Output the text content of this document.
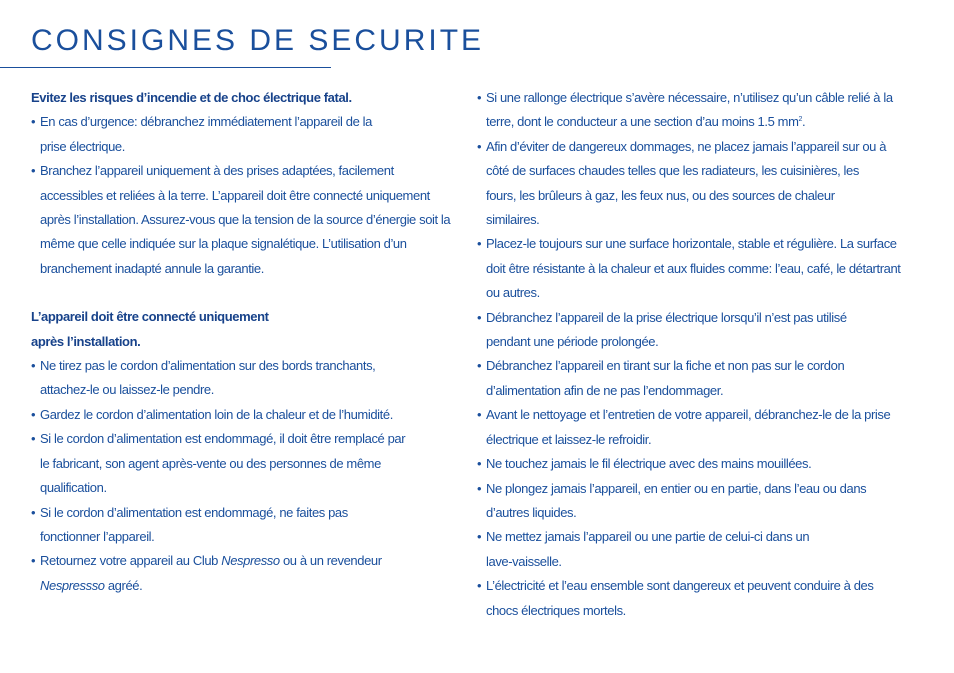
CONSIGNES DE SECURITE

Evitez les risques d’incendie et de choc électrique fatal.

• En cas d’urgence: débranchez immédiatement l’appareil de la prise électrique.
• Branchez l’appareil uniquement à des prises adaptées, facilement accessibles et reliées à la terre. L’appareil doit être connecté uniquement après l’installation. Assurez-vous que la tension de la source d’énergie soit la même que celle indiquée sur la plaque signalétique. L’utilisation d’un branchement inadapté annule la garantie.

L’appareil doit être connecté uniquement
après l’installation.

• Ne tirez pas le cordon d’alimentation sur des bords tranchants, attachez-le ou laissez-le pendre.
• Gardez le cordon d’alimentation loin de la chaleur et de l’humidité.
• Si le cordon d’alimentation est endommagé, il doit être remplacé par le fabricant, son agent après-vente ou des personnes de même qualification.
• Si le cordon d’alimentation est endommagé, ne faites pas fonctionner l’appareil.
• Retournez votre appareil au Club Nespresso ou à un revendeur
Nespressso agréé.
• Si une rallonge électrique s’avère nécessaire, n’utilisez qu’un câble relié à la terre, dont le conducteur a une section d’au moins 1.5 $mm^2$.
• Afin d’éviter de dangereux dommages, ne placez jamais l’appareil sur ou à côté de surfaces chaudes telles que les radiateurs, les cuisinières, les fours, les brûleurs à gaz, les feux nus, ou des sources de chaleur similaires.
• Placez-le toujours sur une surface horizontale, stable et régulière. La surface doit être résistante à la chaleur et aux fluides comme: l’eau, café, le détartrant ou autres.
• Débranchez l’appareil de la prise électrique lorsqu’il n’est pas utilisé pendant une période prolongée.
• Débranchez l’appareil en tirant sur la fiche et non pas sur le cordon d’alimentation afin de ne pas l’endommager.
• Avant le nettoyage et l’entretien de votre appareil, débranchez-le de la prise électrique et laissez-le refroidir.
• Ne touchez jamais le fil électrique avec des mains mouillées.
• Ne plongez jamais l’appareil, en entier ou en partie, dans l’eau ou dans d’autres liquides.
• Ne mettez jamais l’appareil ou une partie de celui-ci dans un lave-vaisselle.
• L’électricité et l’eau ensemble sont dangereux et peuvent conduire à des chocs électriques mortels.
